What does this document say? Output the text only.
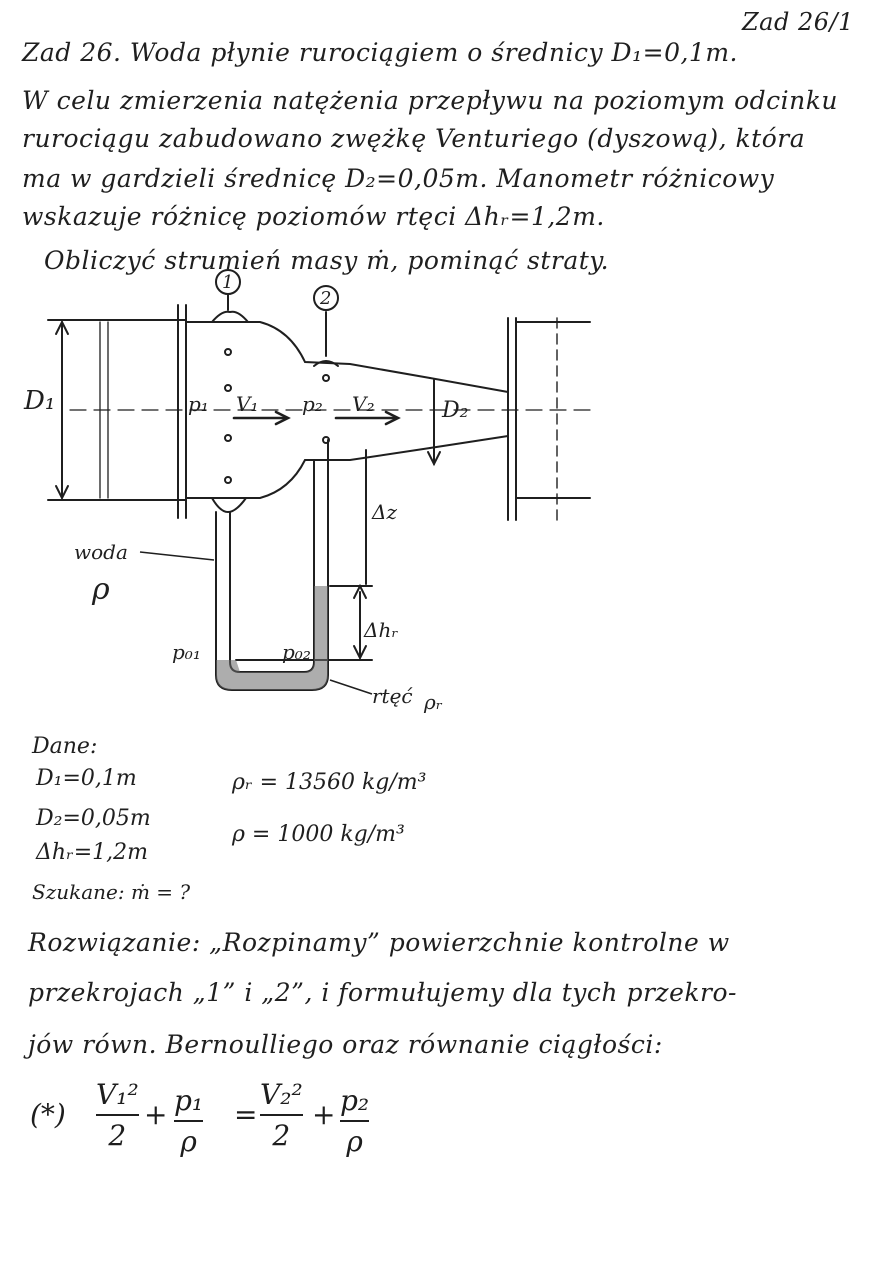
Zad 26/1
Zad 26. Woda płynie rurociągiem o średnicy D₁=0,1m.
W celu zmierzenia natężenia przepływu na poziomym odcinku
rurociągu zabudowano zwężkę Venturiego (dyszową), która
ma w gardzieli średnicę D₂=0,05m. Manometr różnicowy
wskazuje różnicę poziomów rtęci Δhᵣ=1,2m.
Obliczyć strumień masy ṁ, pominąć straty.
1
2
D₁	D₂
p₁ V₁ p₂ V₂
Δz
Δhᵣ
woda
ρ
p₀₁	p₀₂
rtęć ρᵣ
Dane:
D₁=0,1m
D₂=0,05m
Δhᵣ=1,2m
ρᵣ = 13560 kg/m³
ρ = 1000 kg/m³
Szukane: ṁ = ?
Rozwiązanie: „Rozpinamy” powierzchnie kontrolne w
przekrojach „1” i „2”, i formułujemy dla tych przekro-
jów równ. Bernoulliego oraz równanie ciągłości:
(*)
V₁²
2
+ p₁
ρ
=
V₂²
2
+ p₂
ρ
